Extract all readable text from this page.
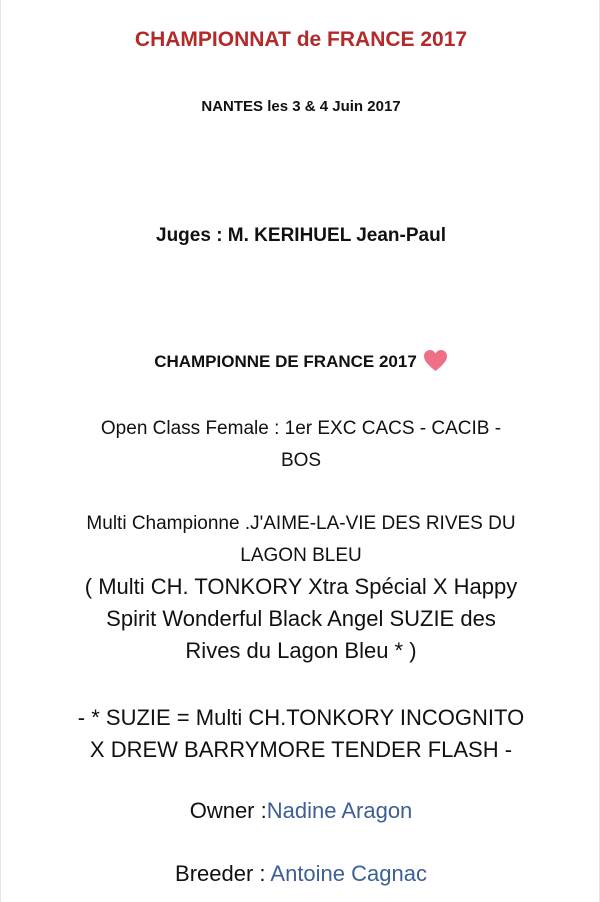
CHAMPIONNAT de FRANCE 2017
NANTES les 3 & 4 Juin 2017
Juges : M. KERIHUEL Jean-Paul
CHAMPIONNE DE FRANCE 2017
Open Class Female : 1er EXC CACS - CACIB -
BOS
Multi Championne .J'AIME-LA-VIE DES RIVES DU
LAGON BLEU
( Multi CH. TONKORY Xtra Spécial X Happy
Spirit Wonderful Black Angel SUZIE des
Rives du Lagon Bleu * )
- * SUZIE = Multi CH.TONKORY INCOGNITO
X DREW BARRYMORE TENDER FLASH -
Owner :Nadine Aragon
Breeder : Antoine Cagnac
